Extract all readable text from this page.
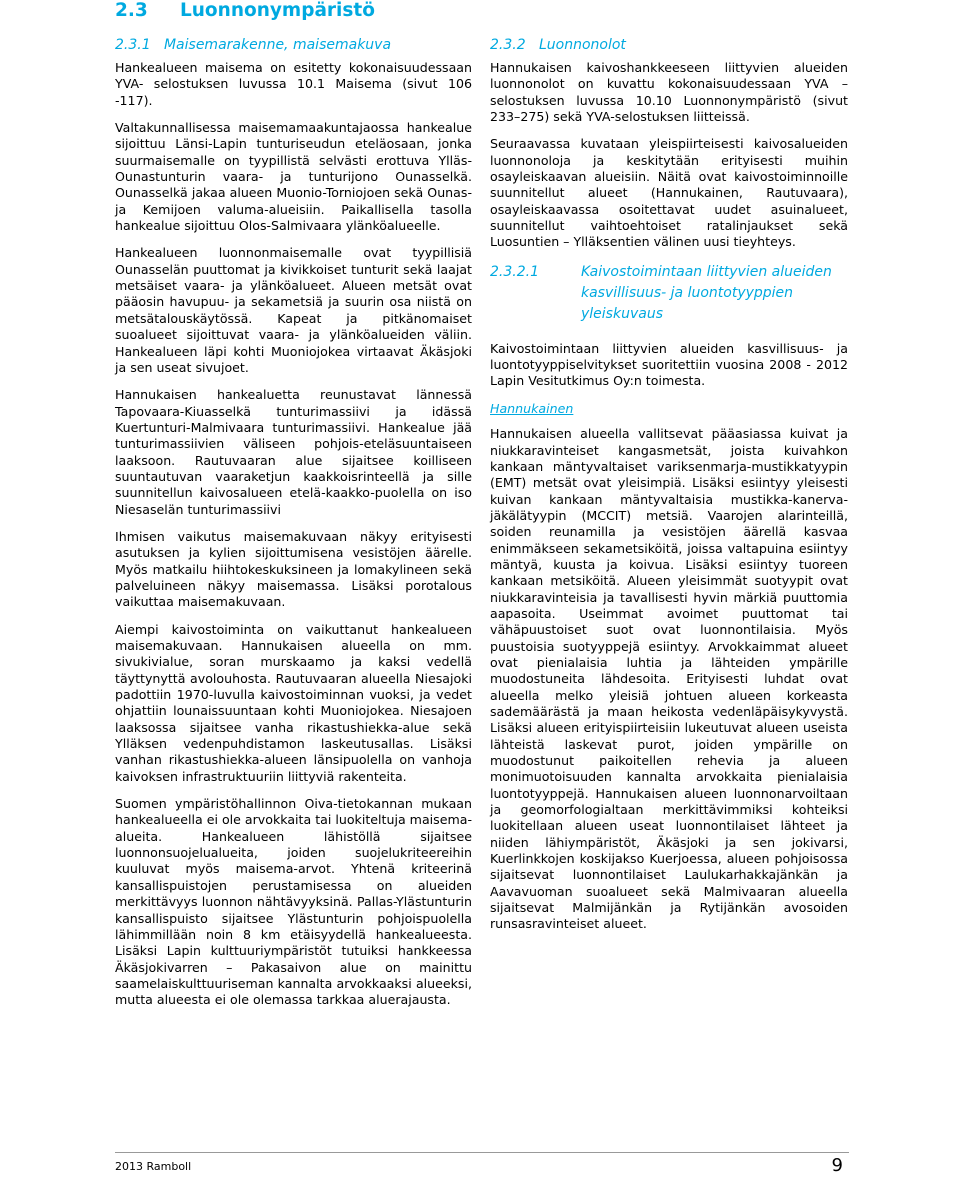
2.3     Luonnonympäristö
2.3.1   Maisemarakenne, maisemakuva

Hankealueen maisema on esitetty kokonaisuudessaan YVA- selostuksen luvussa 10.1 Maisema (sivut 106 -117).

Valtakunnallisessa maisemamaakuntajaossa hankealue sijoittuu Länsi-Lapin tunturiseudun eteläosaan, jonka suurmaisemalle on tyypillistä selvästi erottuva Ylläs-Ounastunturin vaara- ja tunturijono Ounasselkä. Ounasselkä jakaa alueen Muonio-Torniojoen sekä Ounas- ja Kemijoen valuma-alueisiin. Paikallisella tasolla hankealue sijoittuu Olos-Salmivaara ylänköalueelle.

Hankealueen luonnonmaisemalle ovat tyypillisiä Ounasselän puuttomat ja kivikkoiset tunturit sekä laajat metsäiset vaara- ja ylänköalueet. Alueen metsät ovat pääosin havupuu- ja sekametsiä ja suurin osa niistä on metsätalouskäytössä. Kapeat ja pitkänomaiset suoalueet sijoittuvat vaara- ja ylänköalueiden väliin. Hankealueen läpi kohti Muoniojokea virtaavat Äkäsjoki ja sen useat sivujoet.

Hannukaisen hankealuetta reunustavat lännessä Tapovaara-Kiuasselkä tunturimassiivi ja idässä Kuertunturi-Malmivaara tunturimassiivi. Hankealue jää tunturimassiivien väliseen pohjois-eteläsuuntaiseen laaksoon. Rautuvaaran alue sijaitsee koilliseen suuntautuvan vaaraketjun kaakkoisrinteellä ja sille suunnitellun kaivosalueen etelä-kaakko-puolella on iso Niesaselän tunturimassiivi

Ihmisen vaikutus maisemakuvaan näkyy erityisesti asutuksen ja kylien sijoittumisena vesistöjen äärelle. Myös matkailu hiihtokeskuksineen ja lomakylineen sekä palveluineen näkyy maisemassa. Lisäksi porotalous vaikuttaa maisemakuvaan.

Aiempi kaivostoiminta on vaikuttanut hankealueen maisemakuvaan. Hannukaisen alueella on mm. sivukivialue, soran murskaamo ja kaksi vedellä täyttynyttä avolouhosta. Rautuvaaran alueella Niesajoki padottiin 1970-luvulla kaivostoiminnan vuoksi, ja vedet ohjattiin lounaissuuntaan kohti Muoniojokea. Niesajoen laaksossa sijaitsee vanha rikastushiekka-alue sekä Ylläksen vedenpuhdistamon laskeutusallas. Lisäksi vanhan rikastushiekka-alueen länsipuolella on vanhoja kaivoksen infrastruktuuriin liittyviä rakenteita.

Suomen ympäristöhallinnon Oiva-tietokannan mukaan hankealueella ei ole arvokkaita tai luokiteltuja maisema-alueita. Hankealueen lähistöllä sijaitsee luonnonsuojelualueita, joiden suojelukriteereihin kuuluvat myös maisema-arvot. Yhtenä kriteerinä kansallispuistojen perustamisessa on alueiden merkittävyys luonnon nähtävyyksinä. Pallas-Ylästunturin kansallispuisto sijaitsee Ylästunturin pohjoispuolella lähimmillään noin 8 km etäisyydellä hankealueesta. Lisäksi Lapin kulttuuriympäristöt tutuiksi hankkeessa Äkäsjokivarren – Pakasaivon alue on mainittu saamelaiskulttuuriseman kannalta arvokkaaksi alueeksi, mutta alueesta ei ole olemassa tarkkaa aluerajausta.

2.3.2   Luonnonolot

Hannukaisen kaivoshankkeeseen liittyvien alueiden luonnonolot on kuvattu kokonaisuudessaan YVA – selostuksen luvussa 10.10 Luonnonympäristö (sivut 233–275) sekä YVA-selostuksen liitteissä.

Seuraavassa kuvataan yleispiirteisesti kaivosalueiden luonnonoloja ja keskitytään erityisesti muihin osayleiskaavan alueisiin. Näitä ovat kaivostoiminnoille suunnitellut alueet (Hannukainen, Rautuvaara), osayleiskaavassa osoitettavat uudet asuinalueet, suunnitellut vaihtoehtoiset ratalinjaukset sekä Luosuntien – Ylläksentien välinen uusi tieyhteys.

2.3.2.1	Kaivostoimintaan liittyvien alueiden kasvillisuus- ja luontotyyppien yleiskuvaus

Kaivostoimintaan liittyvien alueiden kasvillisuus- ja luontotyyppiselvitykset suoritettiin vuosina 2008 - 2012 Lapin Vesitutkimus Oy:n toimesta.

Hannukainen

Hannukaisen alueella vallitsevat pääasiassa kuivat ja niukkaravinteiset kangasmetsät, joista kuivahkon kankaan mäntyvaltaiset variksenmarja-mustikkatyypin (EMT) metsät ovat yleisimpiä. Lisäksi esiintyy yleisesti kuivan kankaan mäntyvaltaisia mustikka-kanerva-jäkälätyypin (MCCIT) metsiä. Vaarojen alarinteillä, soiden reunamilla ja vesistöjen äärellä kasvaa enimmäkseen sekametsiköitä, joissa valtapuina esiintyy mäntyä, kuusta ja koivua. Lisäksi esiintyy tuoreen kankaan metsiköitä. Alueen yleisimmät suotyypit ovat niukkaravinteisia ja tavallisesti hyvin märkiä puuttomia aapasoita. Useimmat avoimet puuttomat tai vähäpuustoiset suot ovat luonnontilaisia. Myös puustoisia suotyyppejä esiintyy. Arvokkaimmat alueet ovat pienialaisia luhtia ja lähteiden ympärille muodostuneita lähdesoita. Erityisesti luhdat ovat alueella melko yleisiä johtuen alueen korkeasta sademäärästä ja maan heikosta vedenläpäisykyvystä. Lisäksi alueen erityispiirteisiin lukeutuvat alueen useista lähteistä laskevat purot, joiden ympärille on muodostunut paikoitellen rehevia ja alueen monimuotoisuuden kannalta arvokkaita pienialaisia luontotyyppejä. Hannukaisen alueen luonnonarvoiltaan ja geomorfologialtaan merkittävimmiksi kohteiksi luokitellaan alueen useat luonnontilaiset lähteet ja niiden lähiympäristöt, Äkäsjoki ja sen jokivarsi, Kuerlinkkojen koskijakso Kuerjoessa, alueen pohjoisossa sijaitsevat luonnontilaiset Laulukarhakkajänkän ja Aavavuoman suoalueet sekä Malmivaaran alueella sijaitsevat Malmijänkän ja Rytijänkän avosoiden runsasravinteiset alueet.

2013 Ramboll	9
